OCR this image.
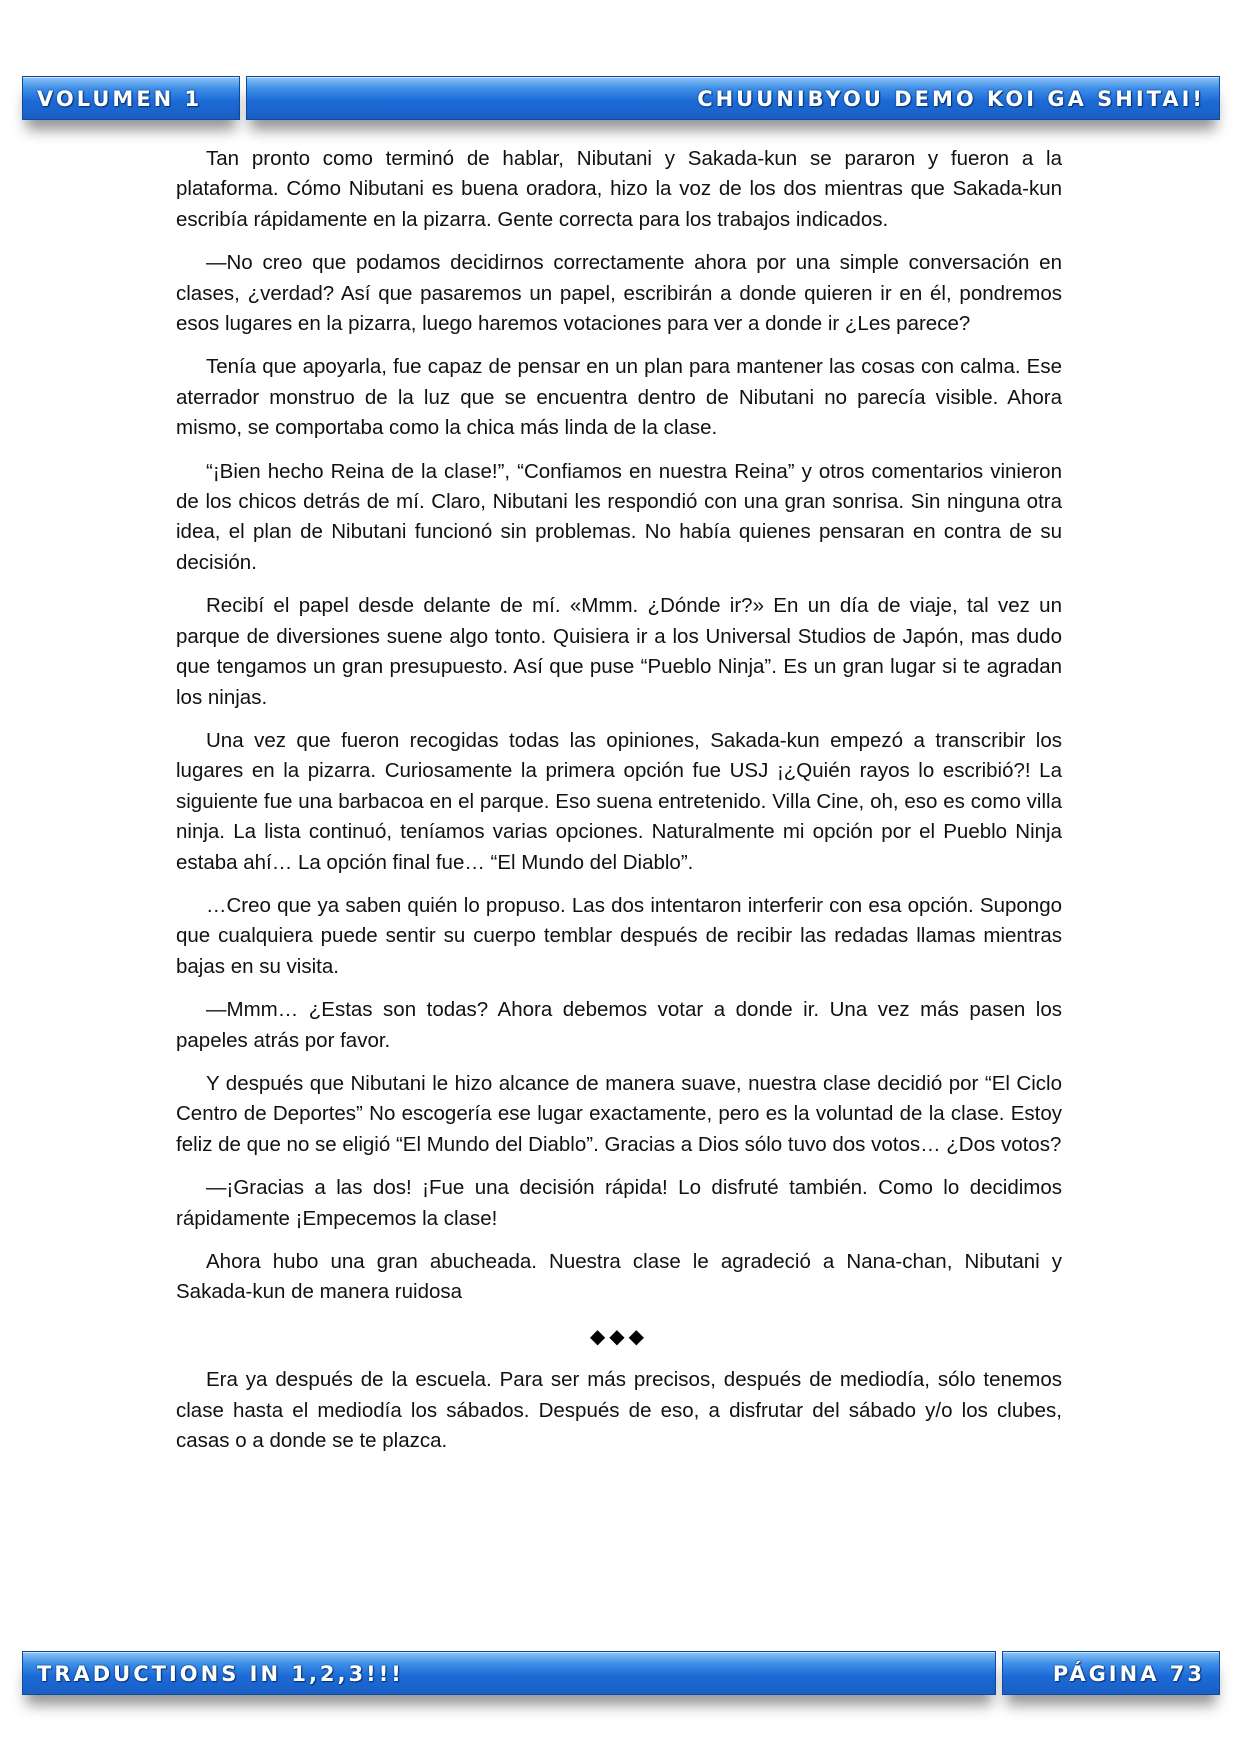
VOLUMEN 1	CHUUNIBYOU DEMO KOI GA SHITAI!

Tan pronto como terminó de hablar, Nibutani y Sakada-kun se pararon y fueron a la plataforma. Cómo Nibutani es buena oradora, hizo la voz de los dos mientras que Sakada-kun escribía rápidamente en la pizarra. Gente correcta para los trabajos indicados.

—No creo que podamos decidirnos correctamente ahora por una simple conversación en clases, ¿verdad? Así que pasaremos un papel, escribirán a donde quieren ir en él, pondremos esos lugares en la pizarra, luego haremos votaciones para ver a donde ir ¿Les parece?

Tenía que apoyarla, fue capaz de pensar en un plan para mantener las cosas con calma. Ese aterrador monstruo de la luz que se encuentra dentro de Nibutani no parecía visible. Ahora mismo, se comportaba como la chica más linda de la clase.

“¡Bien hecho Reina de la clase!”, “Confiamos en nuestra Reina” y otros comentarios vinieron de los chicos detrás de mí. Claro, Nibutani les respondió con una gran sonrisa. Sin ninguna otra idea, el plan de Nibutani funcionó sin problemas. No había quienes pensaran en contra de su decisión.

Recibí el papel desde delante de mí. «Mmm. ¿Dónde ir?» En un día de viaje, tal vez un parque de diversiones suene algo tonto. Quisiera ir a los Universal Studios de Japón, mas dudo que tengamos un gran presupuesto. Así que puse “Pueblo Ninja”. Es un gran lugar si te agradan los ninjas.

Una vez que fueron recogidas todas las opiniones, Sakada-kun empezó a transcribir los lugares en la pizarra. Curiosamente la primera opción fue USJ ¡¿Quién rayos lo escribió?! La siguiente fue una barbacoa en el parque. Eso suena entretenido. Villa Cine, oh, eso es como villa ninja. La lista continuó, teníamos varias opciones. Naturalmente mi opción por el Pueblo Ninja estaba ahí… La opción final fue… “El Mundo del Diablo”.

…Creo que ya saben quién lo propuso. Las dos intentaron interferir con esa opción. Supongo que cualquiera puede sentir su cuerpo temblar después de recibir las redadas llamas mientras bajas en su visita.

—Mmm… ¿Estas son todas? Ahora debemos votar a donde ir. Una vez más pasen los papeles atrás por favor.

Y después que Nibutani le hizo alcance de manera suave, nuestra clase decidió por “El Ciclo Centro de Deportes” No escogería ese lugar exactamente, pero es la voluntad de la clase. Estoy feliz de que no se eligió “El Mundo del Diablo”. Gracias a Dios sólo tuvo dos votos… ¿Dos votos?

—¡Gracias a las dos! ¡Fue una decisión rápida! Lo disfruté también. Como lo decidimos rápidamente ¡Empecemos la clase!

Ahora hubo una gran abucheada. Nuestra clase le agradeció a Nana-chan, Nibutani y Sakada-kun de manera ruidosa

◆◆◆

Era ya después de la escuela. Para ser más precisos, después de mediodía, sólo tenemos clase hasta el mediodía los sábados. Después de eso, a disfrutar del sábado y/o los clubes, casas o a donde se te plazca.

TRADUCTIONS IN 1,2,3!!!	PÁGINA 73
